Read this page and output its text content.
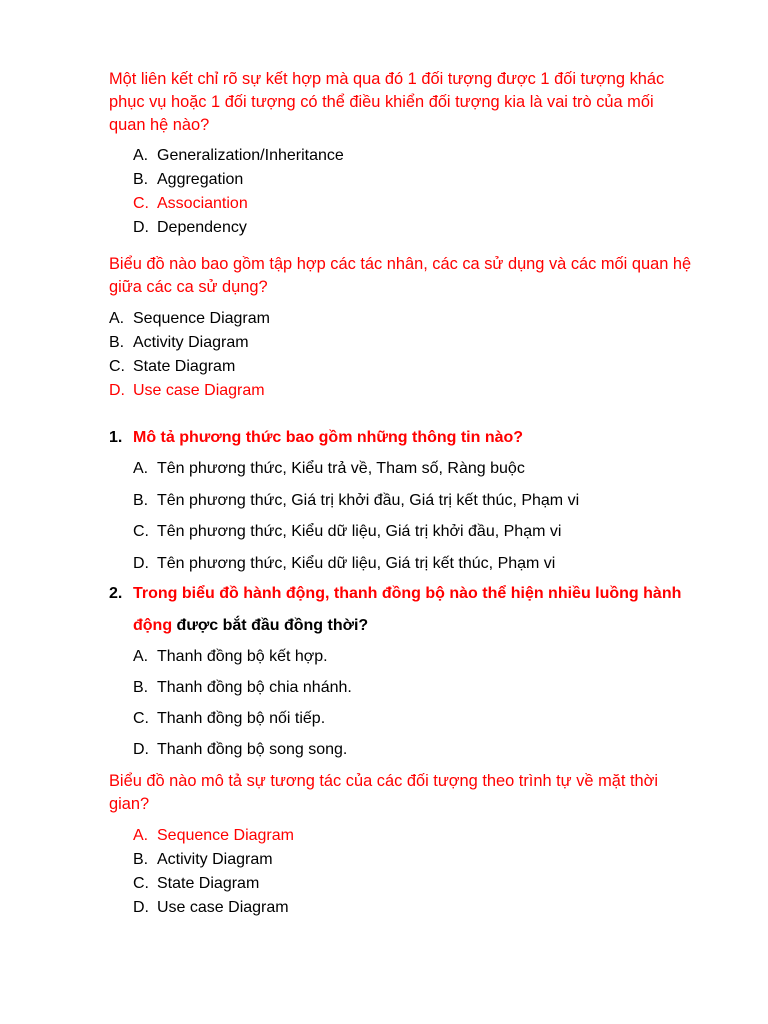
Một liên kết chỉ rõ sự kết hợp mà qua đó 1 đối tượng được 1 đối tượng khác
phục vụ hoặc 1 đối tượng có thể điều khiển đối tượng kia là vai trò của mối
quan hệ nào?
A. Generalization/Inheritance
B. Aggregation
C. Associantion
D. Dependency
Biểu đồ nào bao gồm tập hợp các tác nhân, các ca sử dụng và các mối quan hệ
giữa các ca sử dụng?
A. Sequence Diagram
B. Activity Diagram
C. State Diagram
D. Use case Diagram
1. Mô tả phương thức bao gồm những thông tin nào?
A. Tên phương thức, Kiểu trả về, Tham số, Ràng buộc
B. Tên phương thức, Giá trị khởi đầu, Giá trị kết thúc, Phạm vi
C. Tên phương thức, Kiểu dữ liệu, Giá trị khởi đầu, Phạm vi
D. Tên phương thức, Kiểu dữ liệu, Giá trị kết thúc, Phạm vi
2. Trong biểu đồ hành động, thanh đồng bộ nào thể hiện nhiều luồng hành
động được bắt đầu đồng thời?
A. Thanh đồng bộ kết hợp.
B. Thanh đồng bộ chia nhánh.
C. Thanh đồng bộ nối tiếp.
D. Thanh đồng bộ song song.
Biểu đồ nào mô tả sự tương tác của các đối tượng theo trình tự về mặt thời
gian?
A. Sequence Diagram
B. Activity Diagram
C. State Diagram
D. Use case Diagram
